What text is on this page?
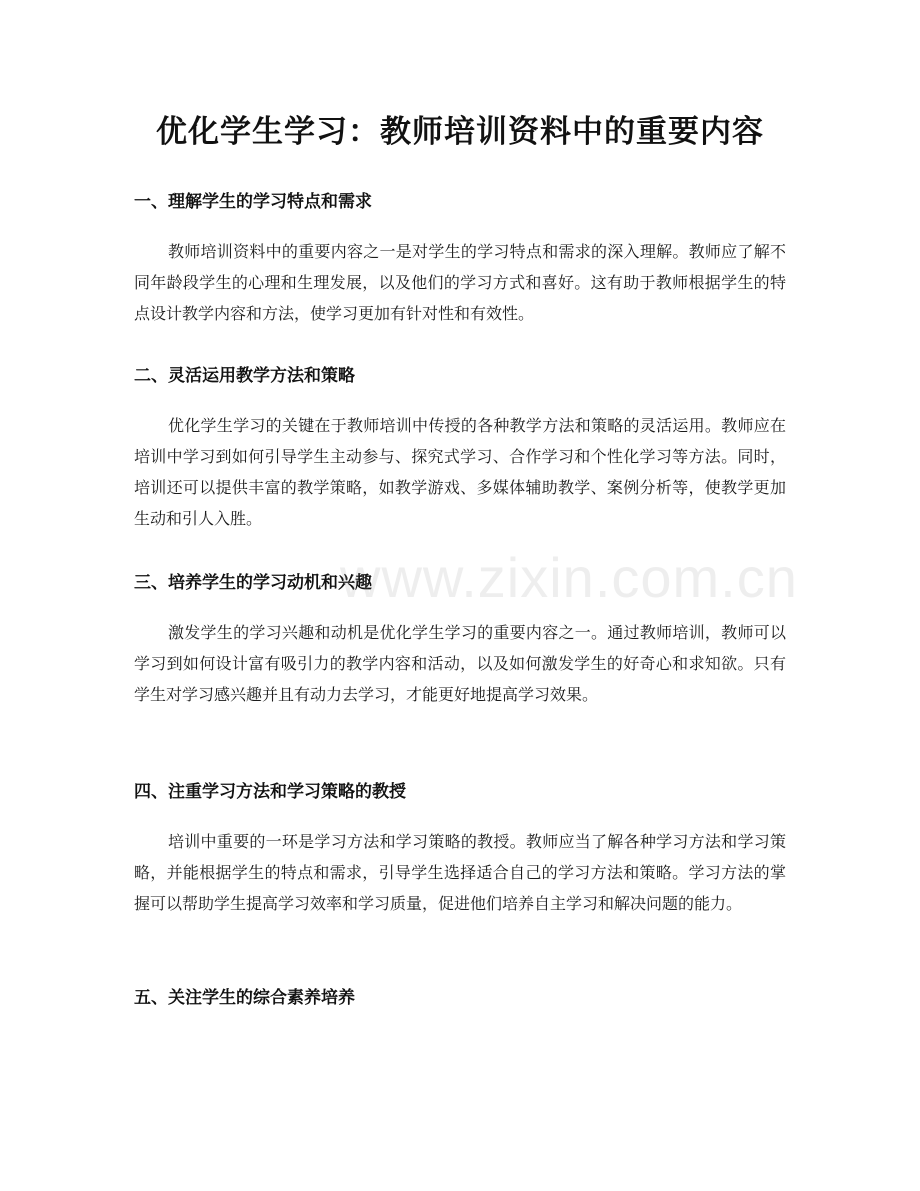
优化学生学习：教师培训资料中的重要内容
一、理解学生的学习特点和需求

教师培训资料中的重要内容之一是对学生的学习特点和需求的深入理解。教师应了解不同年龄段学生的心理和生理发展，以及他们的学习方式和喜好。这有助于教师根据学生的特点设计教学内容和方法，使学习更加有针对性和有效性。

二、灵活运用教学方法和策略

优化学生学习的关键在于教师培训中传授的各种教学方法和策略的灵活运用。教师应在培训中学习到如何引导学生主动参与、探究式学习、合作学习和个性化学习等方法。同时，培训还可以提供丰富的教学策略，如教学游戏、多媒体辅助教学、案例分析等，使教学更加生动和引人入胜。

三、培养学生的学习动机和兴趣

激发学生的学习兴趣和动机是优化学生学习的重要内容之一。通过教师培训，教师可以学习到如何设计富有吸引力的教学内容和活动，以及如何激发学生的好奇心和求知欲。只有学生对学习感兴趣并且有动力去学习，才能更好地提高学习效果。

四、注重学习方法和学习策略的教授

培训中重要的一环是学习方法和学习策略的教授。教师应当了解各种学习方法和学习策略，并能根据学生的特点和需求，引导学生选择适合自己的学习方法和策略。学习方法的掌握可以帮助学生提高学习效率和学习质量，促进他们培养自主学习和解决问题的能力。

五、关注学生的综合素养培养
www.zixin.com.cn
